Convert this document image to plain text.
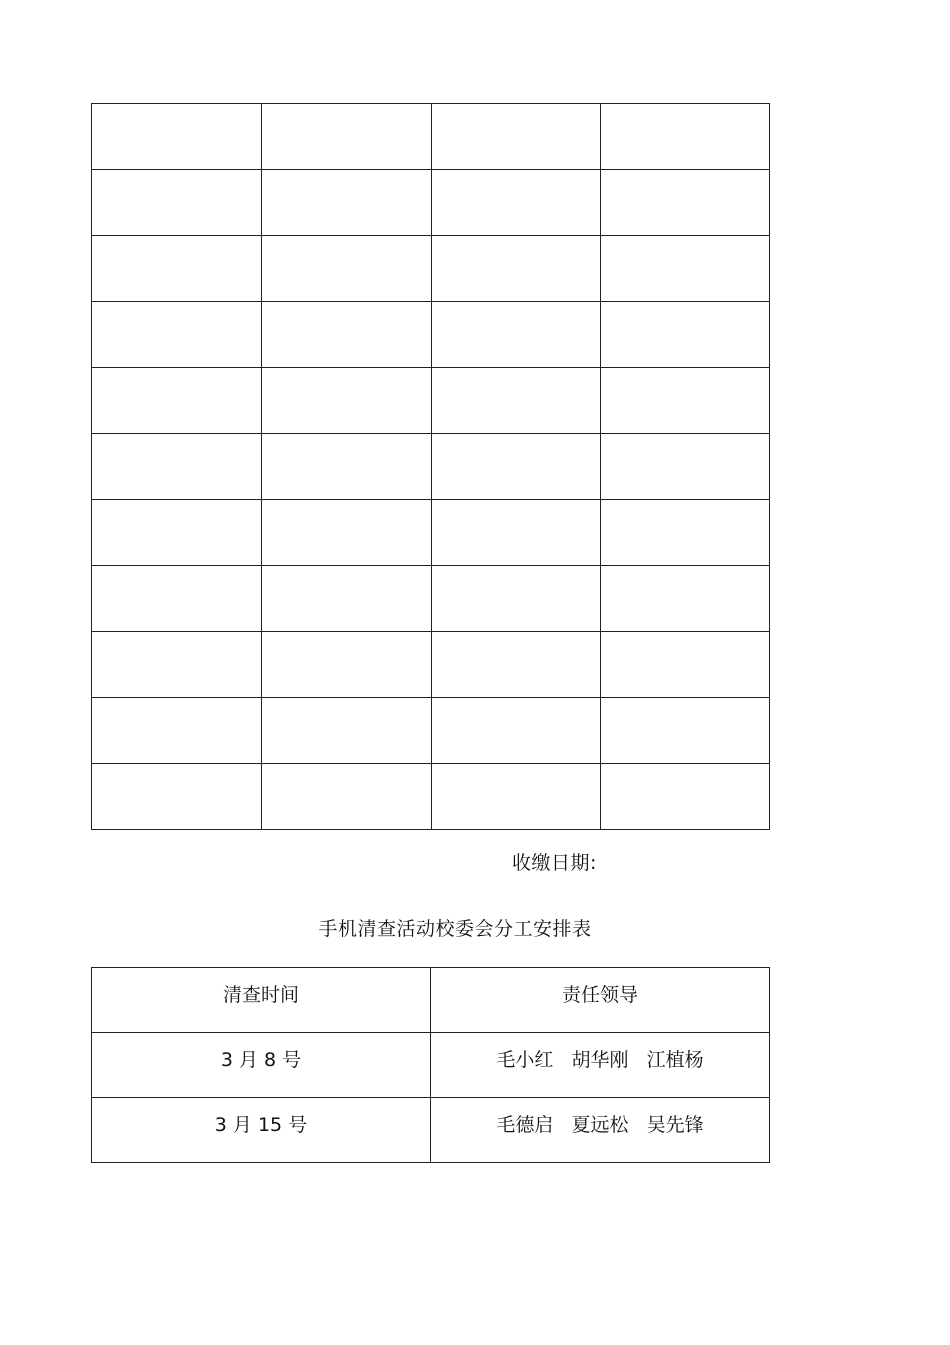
收缴日期:
手机清查活动校委会分工安排表
清查时间	责任领导
3 月 8 号	毛小红   胡华刚   江植杨
3 月 15 号	毛德启   夏远松   吴先锋
